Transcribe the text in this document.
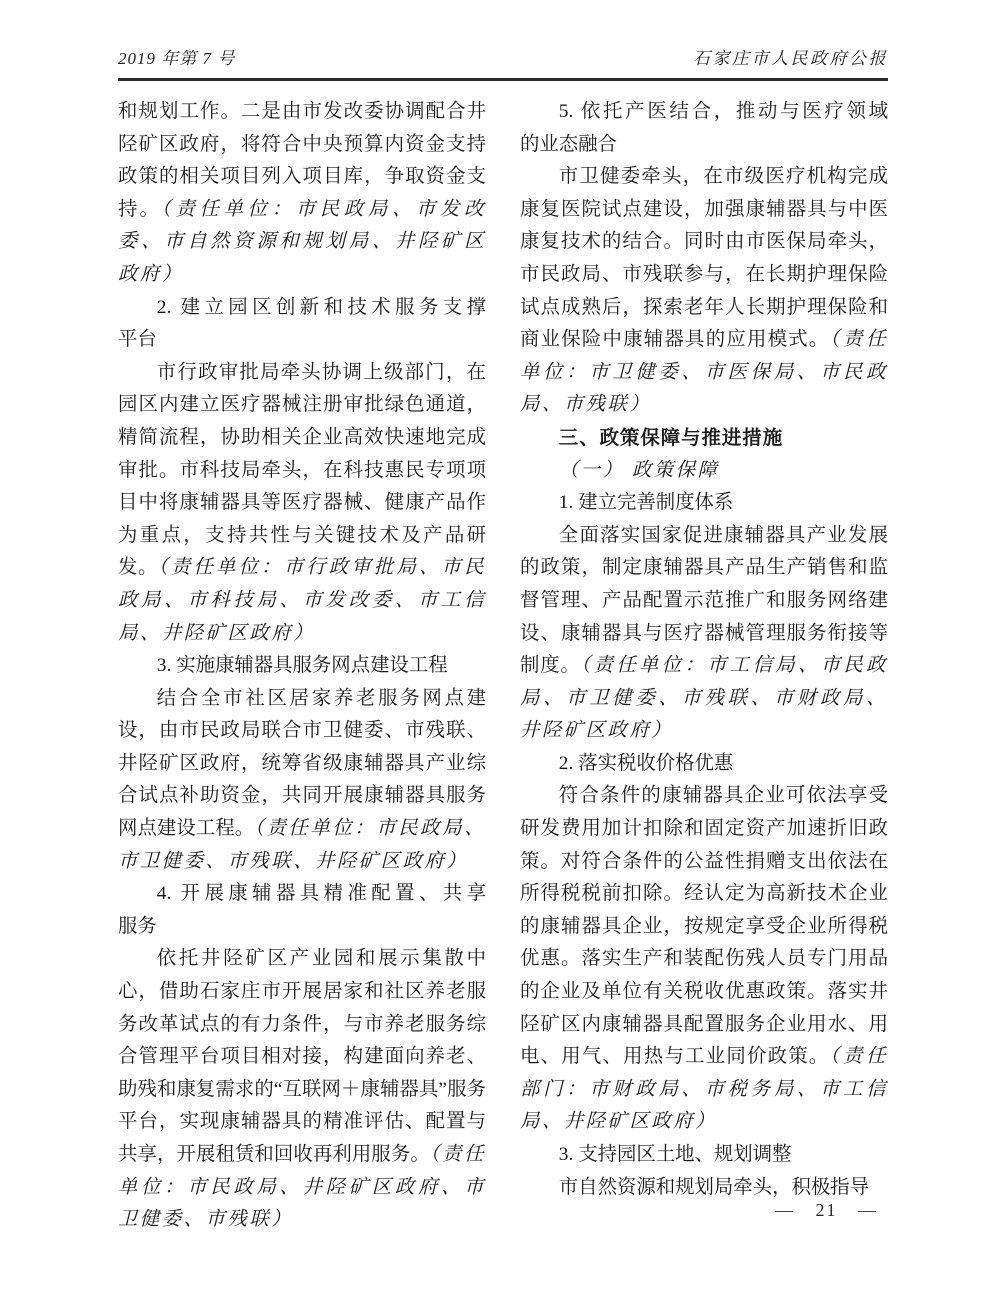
2019 年第 7 号	石家庄市人民政府公报

和规划工作。二是由市发改委协调配合井陉矿区政府，将符合中央预算内资金支持政策的相关项目列入项目库，争取资金支持。（责任单位：市民政局、市发改委、市自然资源和规划局、井陉矿区政府）

2. 建立园区创新和技术服务支撑
平台

市行政审批局牵头协调上级部门，在园区内建立医疗器械注册审批绿色通道，精简流程，协助相关企业高效快速地完成审批。市科技局牵头，在科技惠民专项项目中将康辅器具等医疗器械、健康产品作为重点，支持共性与关键技术及产品研发。（责任单位：市行政审批局、市民政局、市科技局、市发改委、市工信局、井陉矿区政府）

3. 实施康辅器具服务网点建设工程

结合全市社区居家养老服务网点建设，由市民政局联合市卫健委、市残联、井陉矿区政府，统筹省级康辅器具产业综合试点补助资金，共同开展康辅器具服务网点建设工程。（责任单位：市民政局、市卫健委、市残联、井陉矿区政府）

4. 开展康辅器具精准配置、共享
服务

依托井陉矿区产业园和展示集散中心，借助石家庄市开展居家和社区养老服务改革试点的有力条件，与市养老服务综合管理平台项目相对接，构建面向养老、助残和康复需求的“互联网＋康辅器具”服务平台，实现康辅器具的精准评估、配置与共享，开展租赁和回收再利用服务。（责任单位：市民政局、井陉矿区政府、市卫健委、市残联）

5. 依托产医结合，推动与医疗领域
的业态融合

市卫健委牵头，在市级医疗机构完成康复医院试点建设，加强康辅器具与中医康复技术的结合。同时由市医保局牵头，市民政局、市残联参与，在长期护理保险试点成熟后，探索老年人长期护理保险和商业保险中康辅器具的应用模式。（责任单位：市卫健委、市医保局、市民政局、市残联）

三、政策保障与推进措施

（一） 政策保障

1. 建立完善制度体系

全面落实国家促进康辅器具产业发展的政策，制定康辅器具产品生产销售和监督管理、产品配置示范推广和服务网络建设、康辅器具与医疗器械管理服务衔接等制度。（责任单位：市工信局、市民政局、市卫健委、市残联、市财政局、井陉矿区政府）

2. 落实税收价格优惠

符合条件的康辅器具企业可依法享受研发费用加计扣除和固定资产加速折旧政策。对符合条件的公益性捐赠支出依法在所得税税前扣除。经认定为高新技术企业的康辅器具企业，按规定享受企业所得税优惠。落实生产和装配伤残人员专门用品的企业及单位有关税收优惠政策。落实井陉矿区内康辅器具配置服务企业用水、用电、用气、用热与工业同价政策。（责任部门：市财政局、市税务局、市工信局、井陉矿区政府）

3. 支持园区土地、规划调整

市自然资源和规划局牵头，积极指导

— 21 —
